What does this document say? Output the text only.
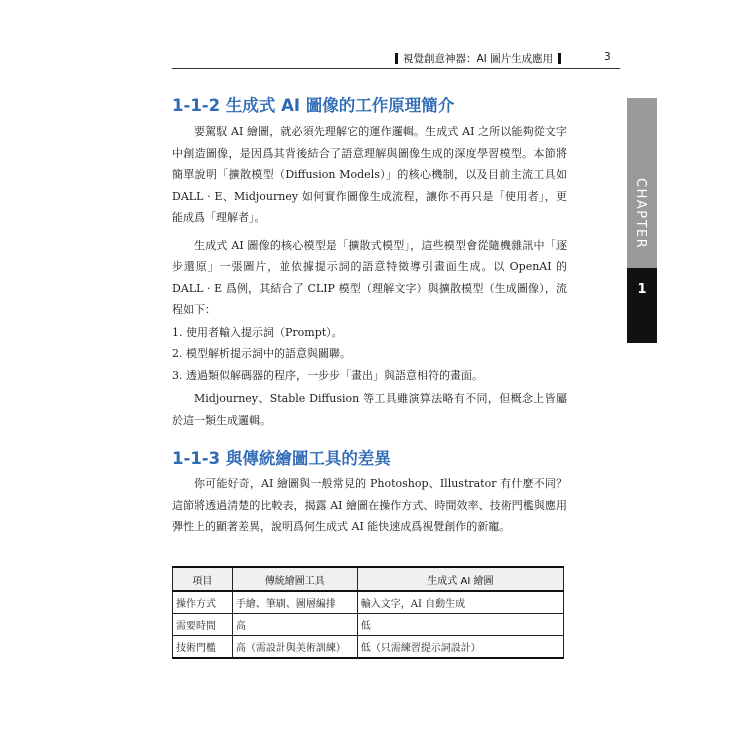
視覺創意神器：AI 圖片生成應用	3
CHAPTER
1
1-1-2 生成式 AI 圖像的工作原理簡介

要駕馭 AI 繪圖，就必須先理解它的運作邏輯。生成式 AI 之所以能夠從文字中創造圖像，是因爲其背後結合了語意理解與圖像生成的深度學習模型。本節將簡單說明「擴散模型（Diffusion Models）」的核心機制，以及目前主流工具如 DALL · E、Midjourney 如何實作圖像生成流程，讓你不再只是「使用者」，更能成爲「理解者」。

生成式 AI 圖像的核心模型是「擴散式模型」，這些模型會從隨機雜訊中「逐步還原」一張圖片，並依據提示詞的語意特徵導引畫面生成。以 OpenAI 的 DALL · E 爲例，其結合了 CLIP 模型（理解文字）與擴散模型（生成圖像），流程如下：

1. 使用者輸入提示詞（Prompt）。

2. 模型解析提示詞中的語意與關聯。

3. 透過類似解碼器的程序，一步步「畫出」與語意相符的畫面。

Midjourney、Stable Diffusion 等工具雖演算法略有不同，但概念上皆屬於這一類生成邏輯。

1-1-3 與傳統繪圖工具的差異

你可能好奇，AI 繪圖與一般常見的 Photoshop、Illustrator 有什麼不同？這節將透過清楚的比較表，揭露 AI 繪圖在操作方式、時間效率、技術門檻與應用彈性上的顯著差異，說明爲何生成式 AI 能快速成爲視覺創作的新寵。

項目	傳統繪圖工具	生成式 AI 繪圖
操作方式	手繪、筆刷、圖層編排	輸入文字，AI 自動生成
需要時間	高	低
技術門檻	高（需設計與美術訓練）	低（只需練習提示詞設計）
